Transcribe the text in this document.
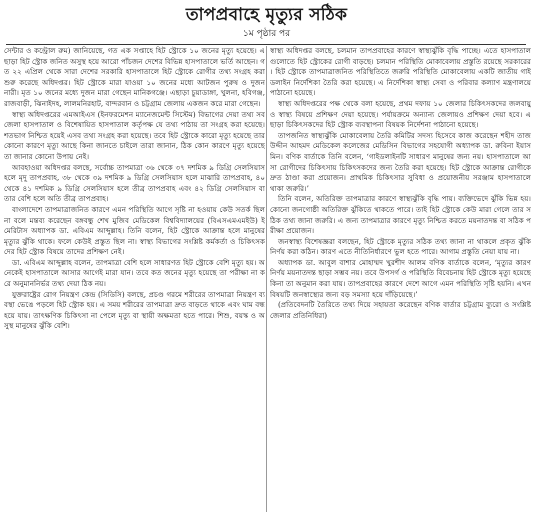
তাপপ্রবাহে মৃত্যুর সঠিক
১ম পৃষ্ঠার পর

সেন্টার ও কন্ট্রোল রুম) জানিয়েছে, গত এক সপ্তাহে হিট স্ট্রোকে ১০ জনের মৃত্যু হয়েছে। এছাড়া হিট স্ট্রোক জনিত অসুস্থ হয়ে আরো পাঁচজন দেশের বিভিন্ন হাসপাতালে ভর্তি আছেন। গত ২২ এপ্রিল থেকে সারা দেশের সরকারি হাসপাতালে হিট স্ট্রোকে রোগীর তথ্য সংগ্রহ করা শুরু করেছে অধিদপ্তর। হিট স্ট্রোকে মারা যাওয়া ১০ জনের মধ্যে আটজন পুরুষ ও দুজন নারী। মৃত ১০ জনের মধ্যে দুজন মারা গেছেন মানিকগঞ্জে। এছাড়া চুয়াডাঙ্গা, খুলনা, হবিগঞ্জ, রাজবাড়ী, ঝিনাইদহ, লালমনিরহাট, বান্দরবান ও চট্টগ্রাম জেলায় একজন করে মারা গেছেন।

স্বাস্থ্য অধিদপ্তরের এমআইএস (ইনফরমেশন ম্যানেজমেন্ট সিস্টেম) বিভাগের দেয়া তথ্য সব জেলা হাসপাতাল ও বিশেষায়িত হাসপাতাল কর্তৃপক্ষ যে তথ্য পাঠায় তা সংগ্রহ করা হয়েছে। শতভাগ নিশ্চিত হয়েই এসব তথ্য সংগ্রহ করা হয়েছে। তবে হিট স্ট্রোকে কারো মৃত্যু হয়েছে তার কোনো কারণে মৃত্যু আছে কিনা জানতে চাইলে তারা জানান, ঠিক কোন কারণে মৃত্যু হয়েছে তা জানার কোনো উপায় নেই।

আবহাওয়া অধিদপ্তর বলছে, সর্বোচ্চ তাপমাত্রা ৩৬ থেকে ৩৭ দশমিক ৯ ডিগ্রি সেলসিয়াস হলে মৃদু তাপপ্রবাহ, ৩৮ থেকে ৩৯ দশমিক ৯ ডিগ্রি সেলসিয়াস হলে মাঝারি তাপপ্রবাহ, ৪০ থেকে ৪১ দশমিক ৯ ডিগ্রি সেলসিয়াস হলে তীব্র তাপপ্রবাহ এবং ৪২ ডিগ্রি সেলসিয়াস বা তার বেশি হলে অতি তীব্র তাপপ্রবাহ।

বাংলাদেশে তাপমাত্রাজনিত কারণে এমন পরিস্থিতি আগে সৃষ্টি না হওয়ায় কেউ সতর্ক ছিল না বলে মন্তব্য করেছেন বঙ্গবন্ধু শেখ মুজিব মেডিকেল বিশ্ববিদ্যালয়ের (বিএসএমএমইউ) ইমেরিটাস অধ্যাপক ডা. এবিএম আব্দুল্লাহ। তিনি বলেন, হিট স্ট্রোকে আক্রান্ত হলে মানুষের মৃত্যুর ঝুঁকি থাকে। ফলে কেউই প্রস্তুত ছিল না। স্বাস্থ্য বিভাগের সংশ্লিষ্ট কর্মকর্তা ও চিকিৎসকদের হিট স্ট্রোক বিষয়ে তাদের প্রশিক্ষণ নেই।

ডা. এবিএম আব্দুল্লাহ বলেন, তাপমাত্রা বেশি হলে সাধারণত হিট স্ট্রোকে বেশি মৃত্যু হয়। অনেকেই হাসপাতালে আসার আগেই মারা যান। তবে কত জনের মৃত্যু হয়েছে তা পরীক্ষা না করে অনুমাননির্ভর তথ্য দেয়া ঠিক নয়।

যুক্তরাষ্ট্রের রোগ নিয়ন্ত্রণ কেন্দ্র (সিডিসি) বলছে, প্রচণ্ড গরমে শরীরের তাপমাত্রা নিয়ন্ত্রণ ব্যবস্থা ভেঙে পড়লে হিট স্ট্রোক হয়। এ সময় শরীরের তাপমাত্রা দ্রুত বাড়তে থাকে এবং ঘাম বন্ধ হয়ে যায়। তাৎক্ষণিক চিকিৎসা না পেলে মৃত্যু বা স্থায়ী অক্ষমতা হতে পারে। শিশু, বয়স্ক ও অসুস্থ মানুষের ঝুঁকি বেশি।

স্বাস্থ্য অধিদপ্তর বলছে, চলমান তাপপ্রবাহের কারণে স্বাস্থ্যঝুঁকি বৃদ্ধি পাচ্ছে। এতে হাসপাতালগুলোতে হিট স্ট্রোকের রোগী বাড়ছে। চলমান পরিস্থিতি মোকাবেলায় প্রস্তুতি রয়েছে সরকারের। হিট স্ট্রোকে তাপমাত্রাজনিত পরিস্থিতিতে জরুরি পরিস্থিতি মোকাবেলায় একটি জাতীয় গাইডলাইন নির্দেশিকা তৈরি করা হয়েছে। এ নির্দেশিকা স্বাস্থ্য সেবা ও পরিবার কল্যাণ মন্ত্রণালয়ে পাঠানো হয়েছে।

স্বাস্থ্য অধিদপ্তরের পক্ষ থেকে বলা হয়েছে, প্রথম দফায় ১০ জেলার চিকিৎসকদের জলবায়ু ও স্বাস্থ্য বিষয়ে প্রশিক্ষণ দেয়া হয়েছে। পর্যায়ক্রমে অন্যান্য জেলায়ও প্রশিক্ষণ দেয়া হবে। এছাড়া চিকিৎসকদের হিট স্ট্রোক ব্যবস্থাপনা বিষয়ক নির্দেশনা পাঠানো হয়েছে।

তাপজনিত স্বাস্থ্যঝুঁকি মোকাবেলায় তৈরি কমিটির সদস্য হিসেবে কাজ করেছেন শহীদ তাজউদ্দীন আহমদ মেডিকেল কলেজের মেডিসিন বিভাগের সহযোগী অধ্যাপক ডা. রুবিনা ইয়াসমিন। বণিক বার্তাকে তিনি বলেন, ‘গাইডলাইনটি সাধারণ মানুষের জন্য নয়। হাসপাতালে আসা রোগীদের চিকিৎসায় চিকিৎসকদের জন্য তৈরি করা হয়েছে। হিট স্ট্রোকে আক্রান্ত রোগীকে দ্রুত ঠাণ্ডা করা প্রয়োজন। প্রাথমিক চিকিৎসার সুবিধা ও প্রয়োজনীয় সরঞ্জাম হাসপাতালে থাকা জরুরি।’

তিনি বলেন, অতিরিক্ত তাপমাত্রার কারণে স্বাস্থ্যঝুঁকি বৃদ্ধি পায়। ব্যক্তিভেদে ঝুঁকি ভিন্ন হয়। কোনো জনগোষ্ঠী অতিরিক্ত ঝুঁকিতে থাকতে পারে। তাই হিট স্ট্রোকে কেউ মারা গেলে তার সঠিক তথ্য জানা জরুরি। এ জন্য তাপমাত্রার কারণে মৃত্যু নিশ্চিত করতে ময়নাতদন্ত বা সঠিক পরীক্ষা প্রয়োজন।

জনস্বাস্থ্য বিশেষজ্ঞরা বলছেন, হিট স্ট্রোকে মৃত্যুর সঠিক তথ্য জানা না থাকলে প্রকৃত ঝুঁকি নির্ণয় করা কঠিন। কারণ এতে নীতিনির্ধারণে ভুল হতে পারে। আগাম প্রস্তুতি নেয়া যায় না।

অধ্যাপক ডা. আবুল বাশার মোহাম্মদ খুরশীদ আলম বণিক বার্তাকে বলেন, ‘মৃত্যুর কারণ নির্ণয় ময়নাতদন্ত ছাড়া সম্ভব নয়। তবে উপসর্গ ও পরিস্থিতি বিবেচনায় হিট স্ট্রোকে মৃত্যু হয়েছে কিনা তা অনুমান করা যায়। তাপপ্রবাহের কারণে দেশে আগে এমন পরিস্থিতি সৃষ্টি হয়নি। এখন বিষয়টি জনস্বাস্থ্যের জন্য বড় সমস্যা হয়ে দাঁড়িয়েছে।’

(প্রতিবেদনটি তৈরিতে তথ্য দিয়ে সহায়তা করেছেন বণিক বার্তার চট্টগ্রাম ব্যুরো ও সংশ্লিষ্ট জেলার প্রতিনিধিরা)
